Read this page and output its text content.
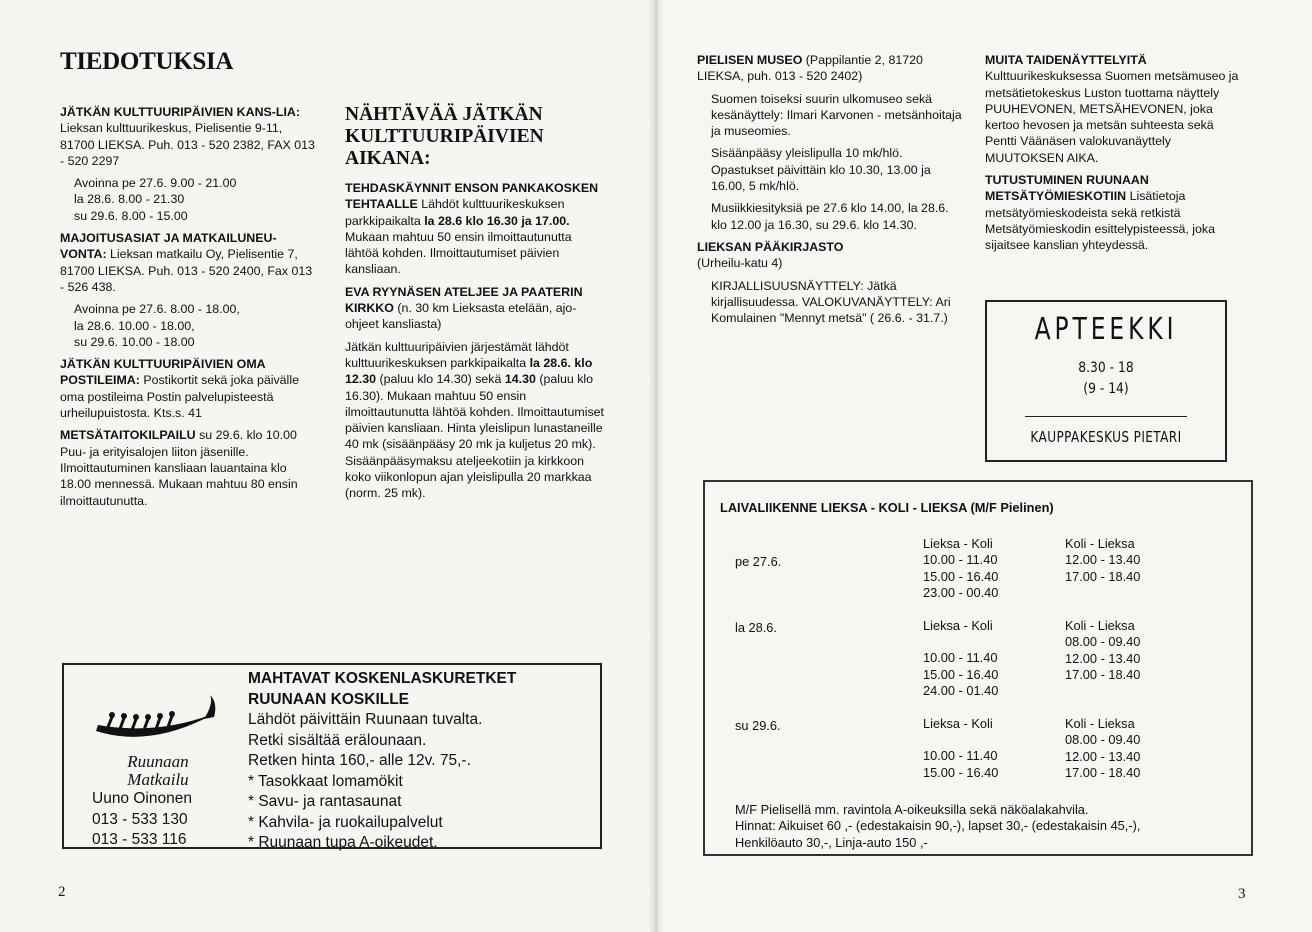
TIEDOTUKSIA

JÄTKÄN KULTTUURIPÄIVIEN KANS-LIA: Lieksan kulttuurikeskus, Pielisentie 9-11, 81700 LIEKSA. Puh. 013 - 520 2382, FAX 013 - 520 2297

Avoinna pe 27.6. 9.00 - 21.00
la 28.6. 8.00 - 21.30
su 29.6. 8.00 - 15.00

MAJOITUSASIAT JA MATKAILUNEU-VONTA: Lieksan matkailu Oy, Pielisentie 7, 81700 LIEKSA. Puh. 013 - 520 2400, Fax 013 - 526 438.

Avoinna pe 27.6. 8.00 - 18.00,
la 28.6. 10.00 - 18.00,
su 29.6. 10.00 - 18.00

JÄTKÄN KULTTUURIPÄIVIEN OMA POSTILEIMA: Postikortit sekä joka päivälle oma postileima Postin palvelupisteestä urheilupuistosta. Kts.s. 41

METSÄTAITOKILPAILU su 29.6. klo 10.00 Puu- ja erityisalojen liiton jäsenille. Ilmoittautuminen kansliaan lauantaina klo 18.00 mennessä. Mukaan mahtuu 80 ensin ilmoittautunutta.

NÄHTÄVÄÄ JÄTKÄN KULTTUURIPÄIVIEN AIKANA:

TEHDASKÄYNNIT ENSON PANKAKOSKEN TEHTAALLE Lähdöt kulttuurikeskuksen parkkipaikalta la 28.6 klo 16.30 ja 17.00. Mukaan mahtuu 50 ensin ilmoittautunutta lähtöä kohden. Ilmoittautumiset päivien kansliaan.

EVA RYYNÄSEN ATELJEE JA PAATERIN KIRKKO (n. 30 km Lieksasta etelään, ajo-ohjeet kansliasta)

Jätkän kulttuuripäivien järjestämät lähdöt kulttuurikeskuksen parkkipaikalta la 28.6. klo 12.30 (paluu klo 14.30) sekä 14.30 (paluu klo 16.30). Mukaan mahtuu 50 ensin ilmoittautunutta lähtöä kohden. Ilmoittautumiset päivien kansliaan. Hinta yleislipun lunastaneille 40 mk (sisäänpääsy 20 mk ja kuljetus 20 mk). Sisäänpääsymaksu ateljeekotiin ja kirkkoon koko viikonlopun ajan yleislipulla 20 markkaa (norm. 25 mk).

Ruunaan
Matkailu
Uuno Oinonen
013 - 533 130
013 - 533 116
MAHTAVAT KOSKENLASKURETKET
RUUNAAN KOSKILLE
Lähdöt päivittäin Ruunaan tuvalta.
Retki sisältää erälounaan.
Retken hinta 160,- alle 12v. 75,-.
* Tasokkaat lomamökit
* Savu- ja rantasaunat
* Kahvila- ja ruokailupalvelut
* Ruunaan tupa A-oikeudet.
2

PIELISEN MUSEO (Pappilantie 2, 81720 LIEKSA, puh. 013 - 520 2402)

Suomen toiseksi suurin ulkomuseo sekä kesänäyttely: Ilmari Karvonen - metsänhoitaja ja museomies.

Sisäänpääsy yleislipulla 10 mk/hlö. Opastukset päivittäin klo 10.30, 13.00 ja 16.00, 5 mk/hlö.

Musiikkiesityksiä pe 27.6 klo 14.00, la 28.6. klo 12.00 ja 16.30, su 29.6. klo 14.30.

LIEKSAN PÄÄKIRJASTO
(Urheilu-katu 4)

KIRJALLISUUSNÄYTTELY: Jätkä kirjallisuudessa. VALOKUVANÄYTTELY: Ari Komulainen "Mennyt metsä" ( 26.6. - 31.7.)

MUITA TAIDENÄYTTELYITÄ Kulttuurikeskuksessa Suomen metsämuseo ja metsätietokeskus Luston tuottama näyttely PUUHEVONEN, METSÄHEVONEN, joka kertoo hevosen ja metsän suhteesta sekä Pentti Väänäsen valokuvanäyttely MUUTOKSEN AIKA.

TUTUSTUMINEN RUUNAAN METSÄTYÖMIESKOTIIN Lisätietoja metsätyömieskodeista sekä retkistä Metsätyömieskodin esittelypisteessä, joka sijaitsee kanslian yhteydessä.

APTEEKKI
8.30 - 18
(9 - 14)
KAUPPAKESKUS PIETARI
LAIVALIIKENNE LIEKSA - KOLI - LIEKSA (M/F Pielinen)
pe 27.6.
Lieksa - Koli
10.00 - 11.40
15.00 - 16.40
23.00 - 00.40
Koli - Lieksa
12.00 - 13.40
17.00 - 18.40
la 28.6.	Lieksa - Koli
10.00 - 11.40
15.00 - 16.40
24.00 - 01.40
Koli - Lieksa
08.00 - 09.40
12.00 - 13.40
17.00 - 18.40
su 29.6.	Lieksa - Koli
10.00 - 11.40
15.00 - 16.40
Koli - Lieksa
08.00 - 09.40
12.00 - 13.40
17.00 - 18.40
M/F Pielisellä mm. ravintola A-oikeuksilla sekä näköalakahvila.
Hinnat: Aikuiset 60 ,- (edestakaisin 90,-), lapset 30,- (edestakaisin 45,-),
Henkilöauto 30,-, Linja-auto 150 ,-
3
